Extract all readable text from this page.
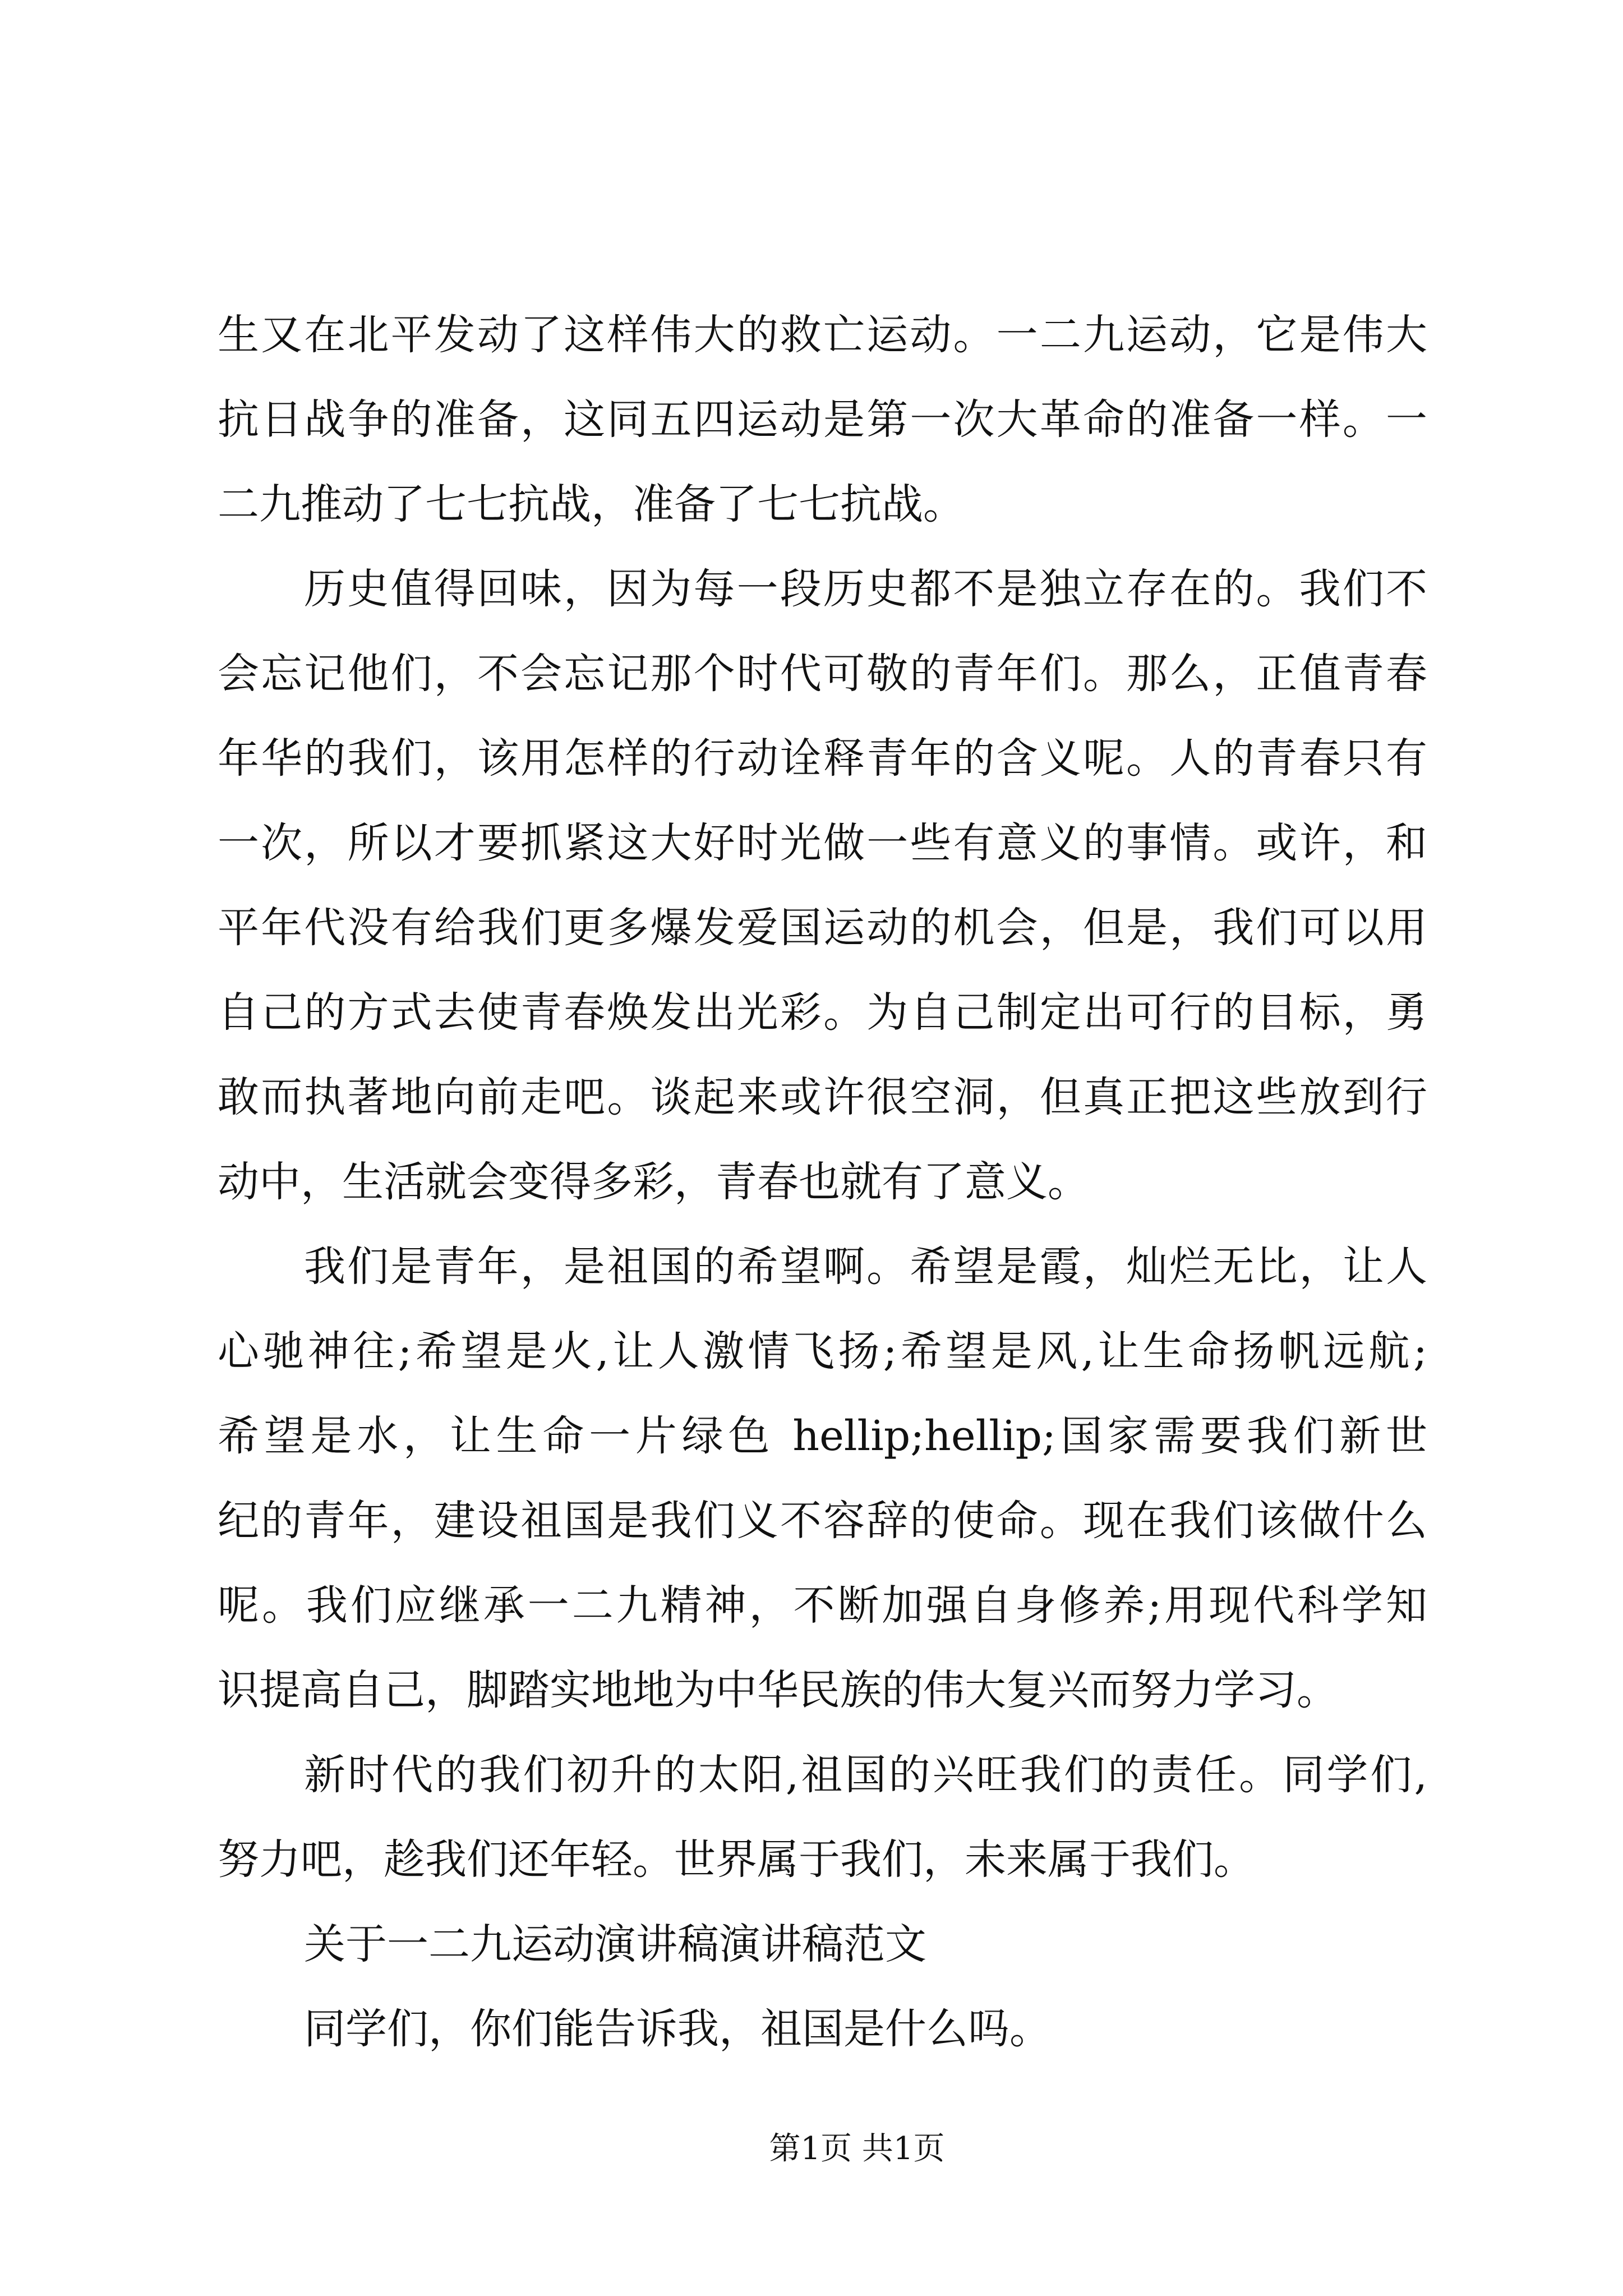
生又在北平发动了这样伟大的救亡运动。一二九运动，它是伟大
抗日战争的准备，这同五四运动是第一次大革命的准备一样。一
二九推动了七七抗战，准备了七七抗战。
历史值得回味，因为每一段历史都不是独立存在的。我们不
会忘记他们，不会忘记那个时代可敬的青年们。那么，正值青春
年华的我们，该用怎样的行动诠释青年的含义呢。人的青春只有
一次，所以才要抓紧这大好时光做一些有意义的事情。或许，和
平年代没有给我们更多爆发爱国运动的机会，但是，我们可以用
自己的方式去使青春焕发出光彩。为自己制定出可行的目标，勇
敢而执著地向前走吧。谈起来或许很空洞，但真正把这些放到行
动中，生活就会变得多彩，青春也就有了意义。
我们是青年，是祖国的希望啊。希望是霞，灿烂无比，让人
心驰神往;希望是火,让人激情飞扬;希望是风,让生命扬帆远航;
希望是水，让生命一片绿色 hellip;hellip;国家需要我们新世
纪的青年，建设祖国是我们义不容辞的使命。现在我们该做什么
呢。我们应继承一二九精神，不断加强自身修养;用现代科学知
识提高自己，脚踏实地地为中华民族的伟大复兴而努力学习。
新时代的我们初升的太阳,祖国的兴旺我们的责任。同学们,
努力吧，趁我们还年轻。世界属于我们，未来属于我们。
关于一二九运动演讲稿演讲稿范文
同学们，你们能告诉我，祖国是什么吗。
第1页 共1页
